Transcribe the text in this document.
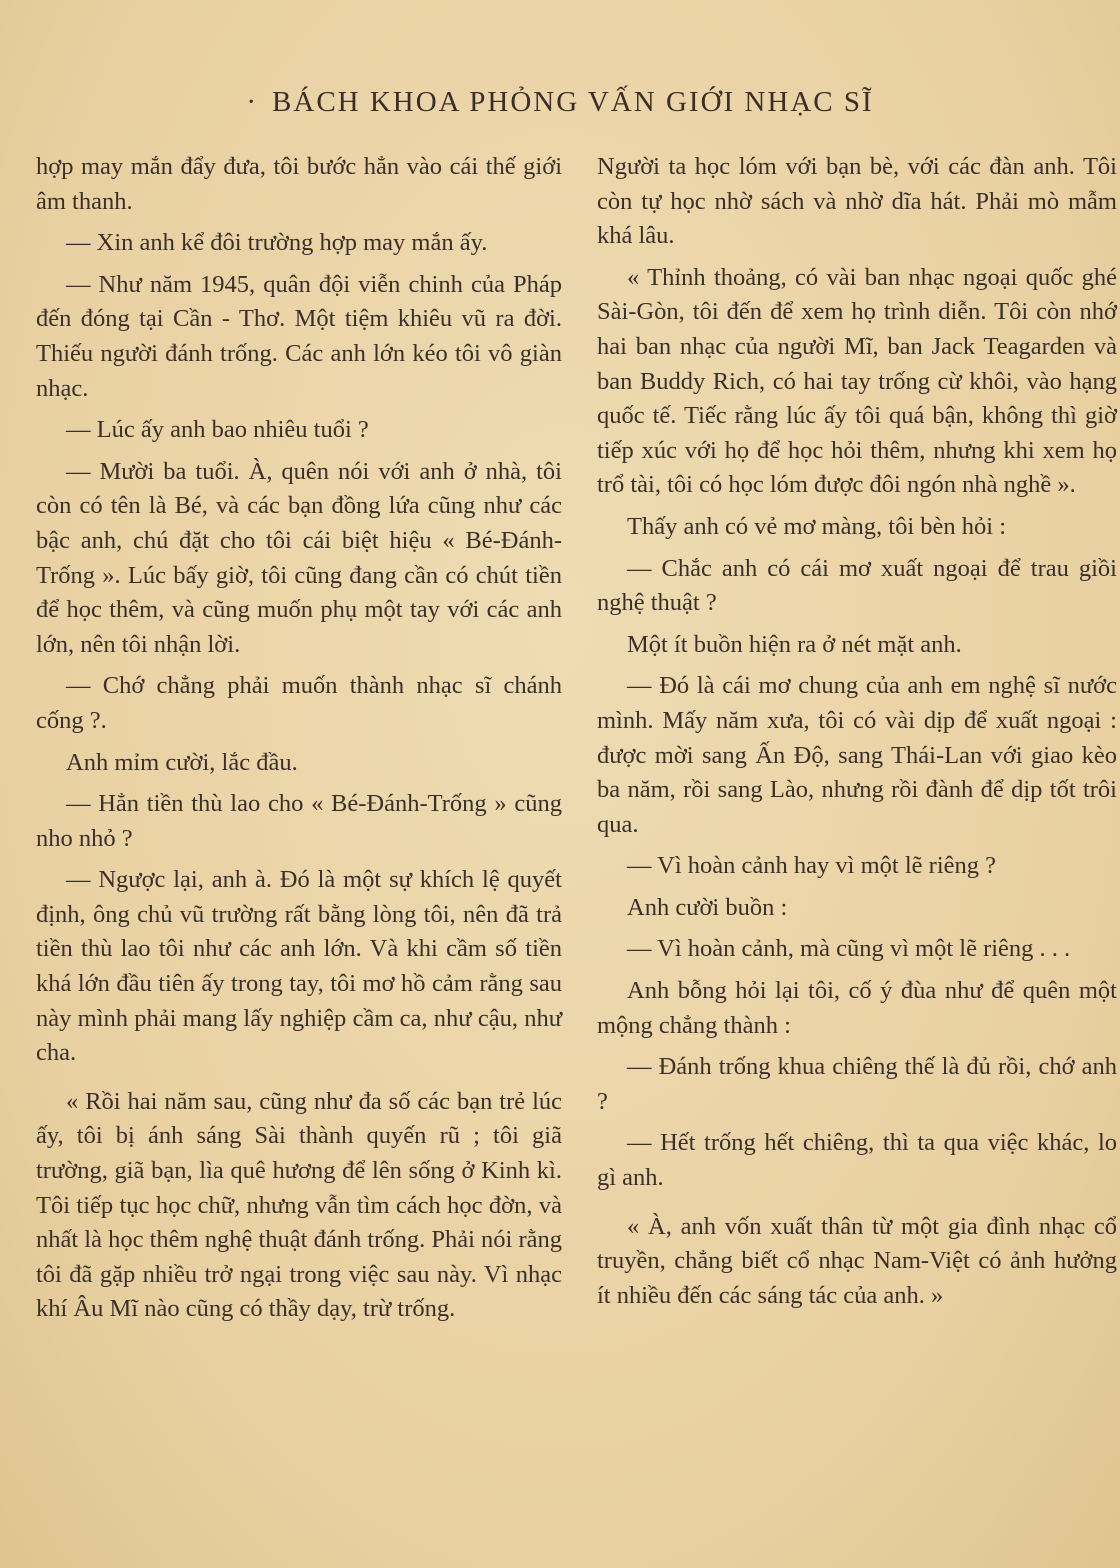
· BÁCH KHOA PHỎNG VẤN GIỚI NHẠC SĨ

hợp may mắn đẩy đưa, tôi bước hẳn vào cái thế giới âm thanh.

— Xin anh kể đôi trường hợp may mắn ấy.

— Như năm 1945, quân đội viễn chinh của Pháp đến đóng tại Cần - Thơ. Một tiệm khiêu vũ ra đời. Thiếu người đánh trống. Các anh lớn kéo tôi vô giàn nhạc.

— Lúc ấy anh bao nhiêu tuổi ?

— Mười ba tuổi. À, quên nói với anh ở nhà, tôi còn có tên là Bé, và các bạn đồng lứa cũng như các bậc anh, chú đặt cho tôi cái biệt hiệu « Bé-Đánh-Trống ». Lúc bấy giờ, tôi cũng đang cần có chút tiền để học thêm, và cũng muốn phụ một tay với các anh lớn, nên tôi nhận lời.

— Chớ chẳng phải muốn thành nhạc sĩ chánh cống ?.

Anh mỉm cười, lắc đầu.

— Hẳn tiền thù lao cho « Bé-Đánh-Trống » cũng nho nhỏ ?

— Ngược lại, anh à. Đó là một sự khích lệ quyết định, ông chủ vũ trường rất bằng lòng tôi, nên đã trả tiền thù lao tôi như các anh lớn. Và khi cầm số tiền khá lớn đầu tiên ấy trong tay, tôi mơ hồ cảm rằng sau này mình phải mang lấy nghiệp cầm ca, như cậu, như cha.

« Rồi hai năm sau, cũng như đa số các bạn trẻ lúc ấy, tôi bị ánh sáng Sài thành quyến rũ ; tôi giã trường, giã bạn, lìa quê hương để lên sống ở Kinh kì. Tôi tiếp tục học chữ, nhưng vẫn tìm cách học đờn, và nhất là học thêm nghệ thuật đánh trống. Phải nói rằng tôi đã gặp nhiều trở ngại trong việc sau này. Vì nhạc khí Âu Mĩ nào cũng có thầy dạy, trừ trống.

Người ta học lóm với bạn bè, với các đàn anh. Tôi còn tự học nhờ sách và nhờ dĩa hát. Phải mò mẫm khá lâu.

« Thỉnh thoảng, có vài ban nhạc ngoại quốc ghé Sài-Gòn, tôi đến để xem họ trình diễn. Tôi còn nhớ hai ban nhạc của người Mĩ, ban Jack Teagarden và ban Buddy Rich, có hai tay trống cừ khôi, vào hạng quốc tế. Tiếc rằng lúc ấy tôi quá bận, không thì giờ tiếp xúc với họ để học hỏi thêm, nhưng khi xem họ trổ tài, tôi có học lóm được đôi ngón nhà nghề ».

Thấy anh có vẻ mơ màng, tôi bèn hỏi :

— Chắc anh có cái mơ xuất ngoại để trau giồi nghệ thuật ?

Một ít buồn hiện ra ở nét mặt anh.

— Đó là cái mơ chung của anh em nghệ sĩ nước mình. Mấy năm xưa, tôi có vài dịp để xuất ngoại : được mời sang Ấn Độ, sang Thái-Lan với giao kèo ba năm, rồi sang Lào, nhưng rồi đành để dịp tốt trôi qua.

— Vì hoàn cảnh hay vì một lẽ riêng ?

Anh cười buồn :

— Vì hoàn cảnh, mà cũng vì một lẽ riêng . . .

Anh bỗng hỏi lại tôi, cố ý đùa như để quên một mộng chẳng thành :

— Đánh trống khua chiêng thế là đủ rồi, chớ anh ?

— Hết trống hết chiêng, thì ta qua việc khác, lo gì anh.

« À, anh vốn xuất thân từ một gia đình nhạc cổ truyền, chẳng biết cổ nhạc Nam-Việt có ảnh hưởng ít nhiều đến các sáng tác của anh. »
